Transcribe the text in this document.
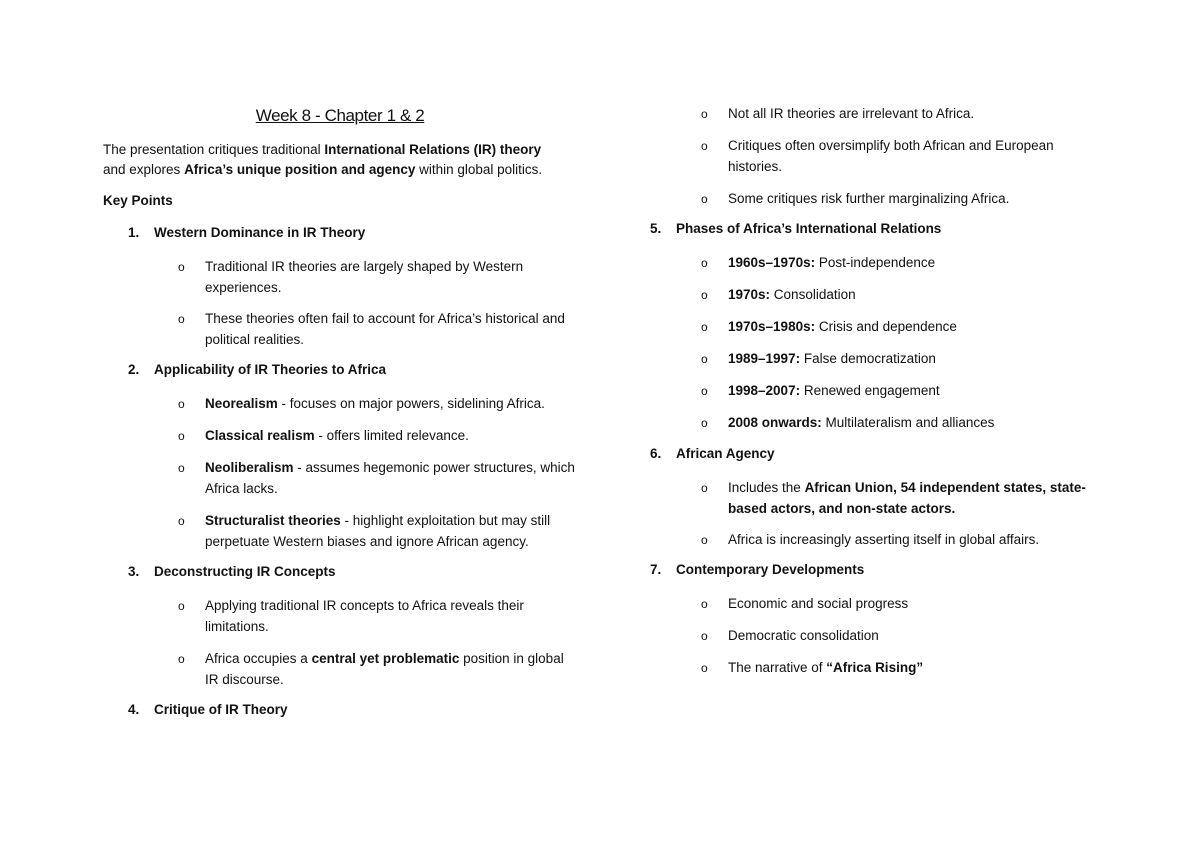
Week 8 - Chapter 1 & 2
The presentation critiques traditional International Relations (IR) theory
and explores Africa’s unique position and agency within global politics.
Key Points
1. Western Dominance in IR Theory
o Traditional IR theories are largely shaped by Western experiences.
o These theories often fail to account for Africa’s historical and political realities.
2. Applicability of IR Theories to Africa
o Neorealism - focuses on major powers, sidelining Africa.
o Classical realism - offers limited relevance.
o Neoliberalism - assumes hegemonic power structures, which Africa lacks.
o Structuralist theories - highlight exploitation but may still perpetuate Western biases and ignore African agency.
3. Deconstructing IR Concepts
o Applying traditional IR concepts to Africa reveals their limitations.
o Africa occupies a central yet problematic position in global IR discourse.
4. Critique of IR Theory
o Not all IR theories are irrelevant to Africa.
o Critiques often oversimplify both African and European histories.
o Some critiques risk further marginalizing Africa.
5. Phases of Africa’s International Relations
o 1960s–1970s: Post-independence
o 1970s: Consolidation
o 1970s–1980s: Crisis and dependence
o 1989–1997: False democratization
o 1998–2007: Renewed engagement
o 2008 onwards: Multilateralism and alliances
6. African Agency
o Includes the African Union, 54 independent states, state-based actors, and non-state actors.
o Africa is increasingly asserting itself in global affairs.
7. Contemporary Developments
o Economic and social progress
o Democratic consolidation
o The narrative of “Africa Rising”
